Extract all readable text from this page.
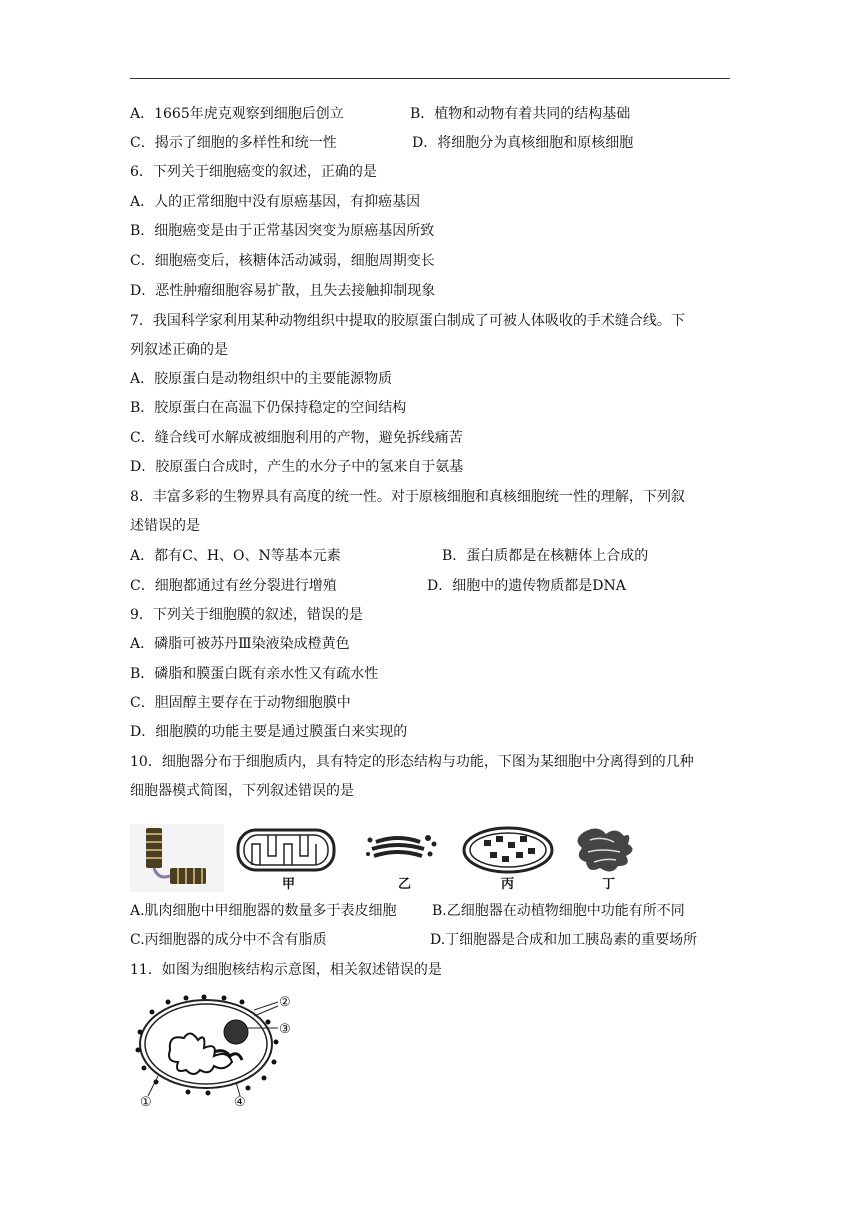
A．1665年虎克观察到细胞后创立	B．植物和动物有着共同的结构基础
C．揭示了细胞的多样性和统一性	D．将细胞分为真核细胞和原核细胞
6．下列关于细胞癌变的叙述，正确的是
A．人的正常细胞中没有原癌基因，有抑癌基因
B．细胞癌变是由于正常基因突变为原癌基因所致
C．细胞癌变后，核糖体活动减弱，细胞周期变长
D．恶性肿瘤细胞容易扩散，且失去接触抑制现象
7．我国科学家利用某种动物组织中提取的胶原蛋白制成了可被人体吸收的手术缝合线。下
列叙述正确的是
A．胶原蛋白是动物组织中的主要能源物质
B．胶原蛋白在高温下仍保持稳定的空间结构
C．缝合线可水解成被细胞利用的产物，避免拆线痛苦
D．胶原蛋白合成时，产生的水分子中的氢来自于氨基
8．丰富多彩的生物界具有高度的统一性。对于原核细胞和真核细胞统一性的理解，下列叙
述错误的是
A．都有C、H、O、N等基本元素	B．蛋白质都是在核糖体上合成的
C．细胞都通过有丝分裂进行增殖	D．细胞中的遗传物质都是DNA
9．下列关于细胞膜的叙述，错误的是
A．磷脂可被苏丹Ⅲ染液染成橙黄色
B．磷脂和膜蛋白既有亲水性又有疏水性
C．胆固醇主要存在于动物细胞膜中
D．细胞膜的功能主要是通过膜蛋白来实现的
10．细胞器分布于细胞质内，具有特定的形态结构与功能，下图为某细胞中分离得到的几种
细胞器模式简图，下列叙述错误的是
甲	乙	丙	丁
A.肌肉细胞中甲细胞器的数量多于表皮细胞	B.乙细胞器在动植物细胞中功能有所不同
C.丙细胞器的成分中不含有脂质	D.丁细胞器是合成和加工胰岛素的重要场所
11．如图为细胞核结构示意图，相关叙述错误的是
②
③
①	④
